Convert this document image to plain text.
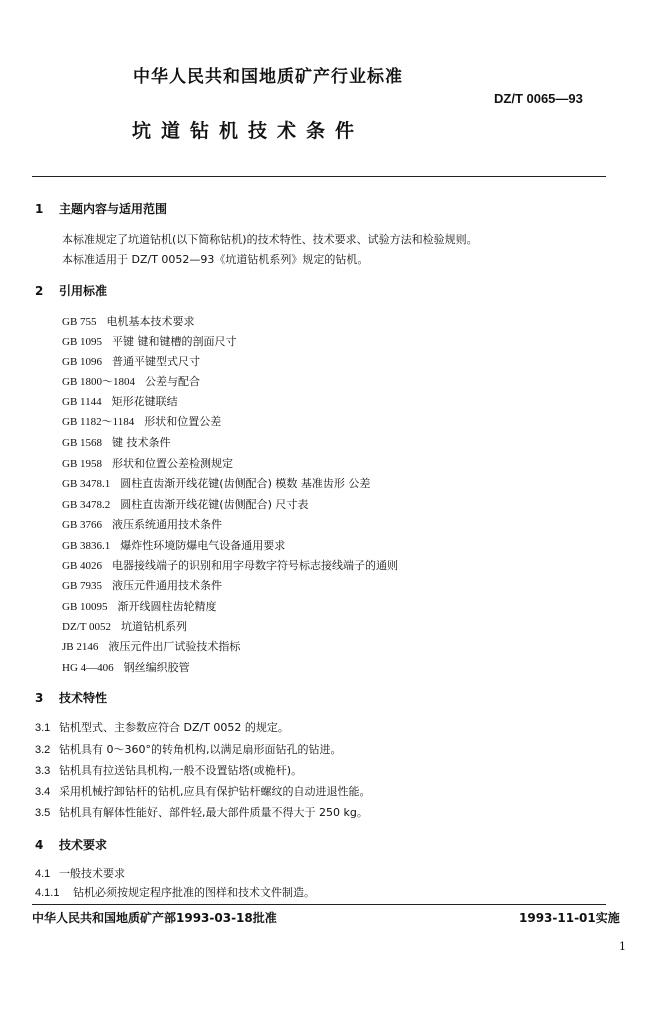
中华人民共和国地质矿产行业标准
DZ/T 0065—93
坑道钻机技术条件
1 主题内容与适用范围
本标准规定了坑道钻机(以下简称钻机)的技术特性、技术要求、试验方法和检验规则。
本标准适用于 DZ/T 0052—93《坑道钻机系列》规定的钻机。
2 引用标准
GB 755 电机基本技术要求
GB 1095 平键 键和键槽的剖面尺寸
GB 1096 普通平键型式尺寸
GB 1800～1804 公差与配合
GB 1144 矩形花键联结
GB 1182～1184 形状和位置公差
GB 1568 键 技术条件
GB 1958 形状和位置公差检测规定
GB 3478.1 圆柱直齿渐开线花键(齿侧配合) 模数 基准齿形 公差
GB 3478.2 圆柱直齿渐开线花键(齿侧配合) 尺寸表
GB 3766 液压系统通用技术条件
GB 3836.1 爆炸性环境防爆电气设备通用要求
GB 4026 电器接线端子的识别和用字母数字符号标志接线端子的通则
GB 7935 液压元件通用技术条件
GB 10095 渐开线圆柱齿轮精度
DZ/T 0052 坑道钻机系列
JB 2146 液压元件出厂试验技术指标
HG 4—406 钢丝编织胶管
3 技术特性
3.1 钻机型式、主参数应符合 DZ/T 0052 的规定。
3.2 钻机具有 0～360°的转角机构,以满足扇形面钻孔的钻进。
3.3 钻机具有拉送钻具机构,一般不设置钻塔(或桅杆)。
3.4 采用机械拧卸钻杆的钻机,应具有保护钻杆螺纹的自动进退性能。
3.5 钻机具有解体性能好、部件轻,最大部件质量不得大于 250 kg。
4 技术要求
4.1 一般技术要求
4.1.1 钻机必须按规定程序批准的图样和技术文件制造。
中华人民共和国地质矿产部1993-03-18批准	1993-11-01实施
1
